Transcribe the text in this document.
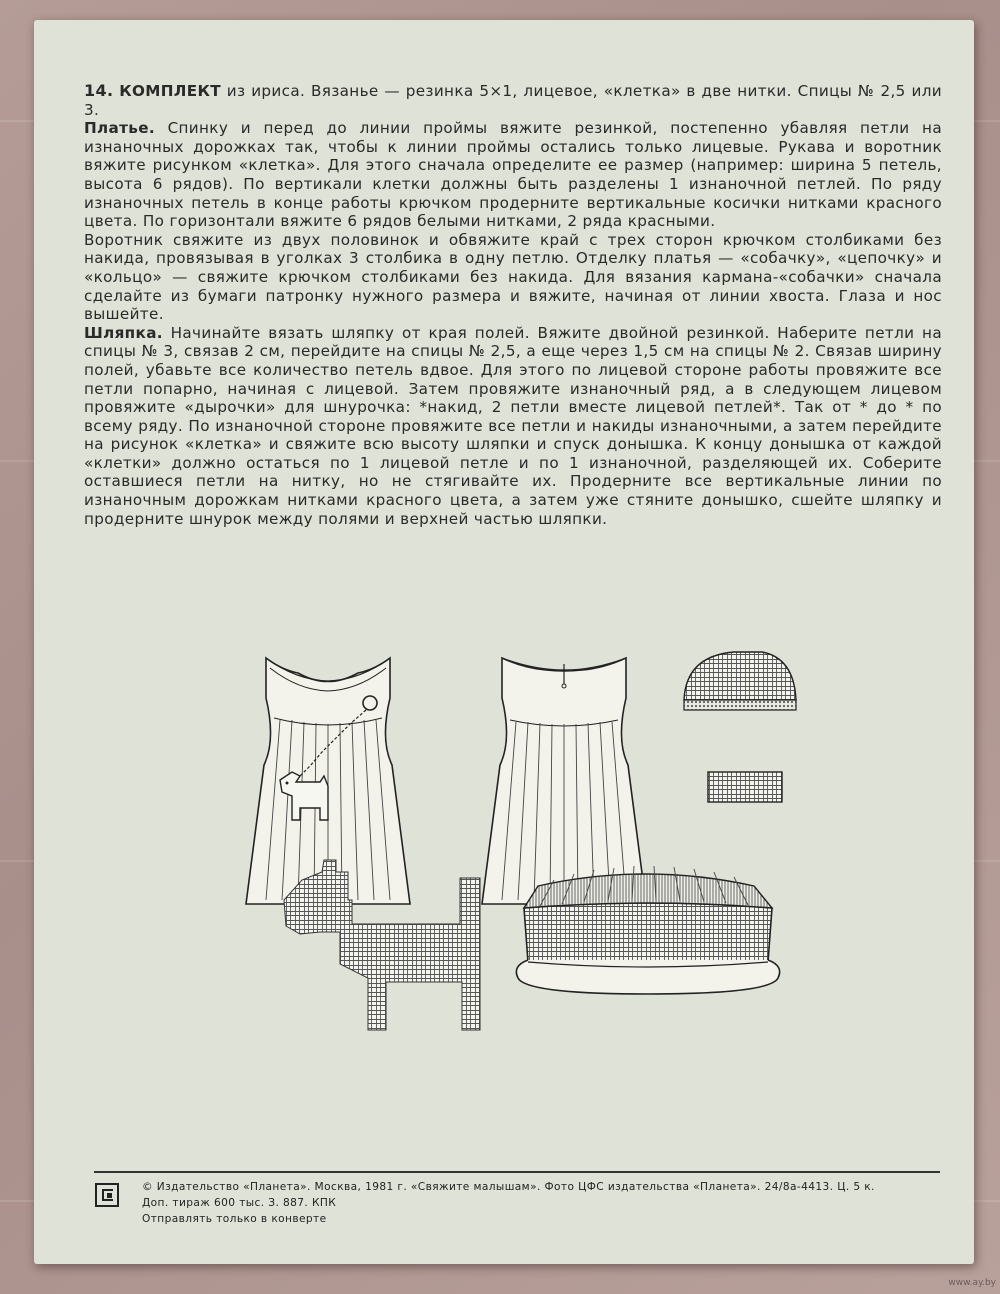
14. КОМПЛЕКТ из ириса. Вязанье — резинка 5×1, лицевое, «клетка» в две нитки. Спицы № 2,5 или 3.

Платье. Спинку и перед до линии проймы вяжите резинкой, постепенно убавляя петли на изнаночных дорожках так, чтобы к линии проймы остались только лицевые. Рукава и воротник вяжите рисунком «клетка». Для этого сначала определите ее размер (например: ширина 5 петель, высота 6 рядов). По вертикали клетки должны быть разделены 1 изнаночной петлей. По ряду изнаночных петель в конце работы крючком продерните вертикальные косички нитками красного цвета. По горизонтали вяжите 6 рядов белыми нитками, 2 ряда красными.

Воротник свяжите из двух половинок и обвяжите край с трех сторон крючком столбиками без накида, провязывая в уголках 3 столбика в одну петлю. Отделку платья — «собачку», «цепочку» и «кольцо» — свяжите крючком столбиками без накида. Для вязания кармана-«собачки» сначала сделайте из бумаги патронку нужного размера и вяжите, начиная от линии хвоста. Глаза и нос вышейте.

Шляпка. Начинайте вязать шляпку от края полей. Вяжите двойной резинкой. Наберите петли на спицы № 3, связав 2 см, перейдите на спицы № 2,5, а еще через 1,5 см на спицы № 2. Связав ширину полей, убавьте все количество петель вдвое. Для этого по лицевой стороне работы провяжите все петли попарно, начиная с лицевой. Затем провяжите изнаночный ряд, а в следующем лицевом провяжите «дырочки» для шнурочка: *накид, 2 петли вместе лицевой петлей*. Так от * до * по всему ряду. По изнаночной стороне провяжите все петли и накиды изнаночными, а затем перейдите на рисунок «клетка» и свяжите всю высоту шляпки и спуск донышка. К концу донышка от каждой «клетки» должно остаться по 1 лицевой петле и по 1 изнаночной, разделяющей их. Соберите оставшиеся петли на нитку, но не стягивайте их. Продерните все вертикальные линии по изнаночным дорожкам нитками красного цвета, а затем уже стяните донышко, сшейте шляпку и продерните шнурок между полями и верхней частью шляпки.

© Издательство «Планета». Москва, 1981 г. «Свяжите малышам». Фото ЦФС издательства «Планета». 24/8а-4413. Ц. 5 к.

Доп. тираж 600 тыс. З. 887. КПК

Отправлять только в конверте

www.ay.by
